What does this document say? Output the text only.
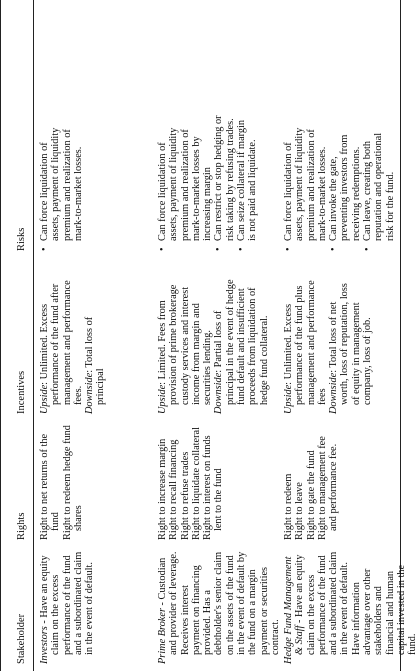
Stakeholder
Rights
Incentives
Risks

Investors - Have an equity claim on the excess performance of the fund and a subordinated claim in the event of default.

Right to net returns of the fund Right to redeem hedge fund shares

Upside: Unlimited. Excess performance of the fund after management and performance fees. Downside: Total loss of principal

• Can force liquidation of assets, payment of liquidity premium and realization of mark-to-market losses.

Prime Broker - Custodian and provider of leverage. Receives interest payment on financing provided. Has a debtholder's senior claim on the assets of the fund in the event of default by the fund on a margin payment or securities contract.

Right to increase margin Right to recall financing Right to refuse trades Right to liquidate collateral Right to interest on funds lent to the fund

Upside: Limited. Fees from provision of prime brokerage custody services and interest income from margin and securities lending. Downside: Partial loss of principal in the event of hedge fund default and insufficient proceeds from liquidation of hedge fund collateral.

• Can force liquidation of assets, payment of liquidity premium and realization of mark-to-market losses by increasing margin • Can restrict or stop hedging or risk taking by refusing trades. • Can seize collateral if margin is not paid and liquidate.

Hedge Fund Management & Staff - Have an equity claim on the excess performance of the fund and a subordinated claim in the event of default. Have information advantage over other stakeholders and financial and human capital invested in the fund.

Right to redeem Right to leave Right to gate the fund Right to management fee and performance fee.

Upside: Unlimited. Excess performance of the fund plus management and performance fees Downside: Total loss of net worth, loss of reputation, loss of equity in management company, loss of job.

• Can force liquidation of assets, payment of liquidity premium and realization of mark-to-market losses. • Can invoke the gate, preventing investors from receiving redemptions. • Can leave, creating both reputation and operational risk for the fund.
